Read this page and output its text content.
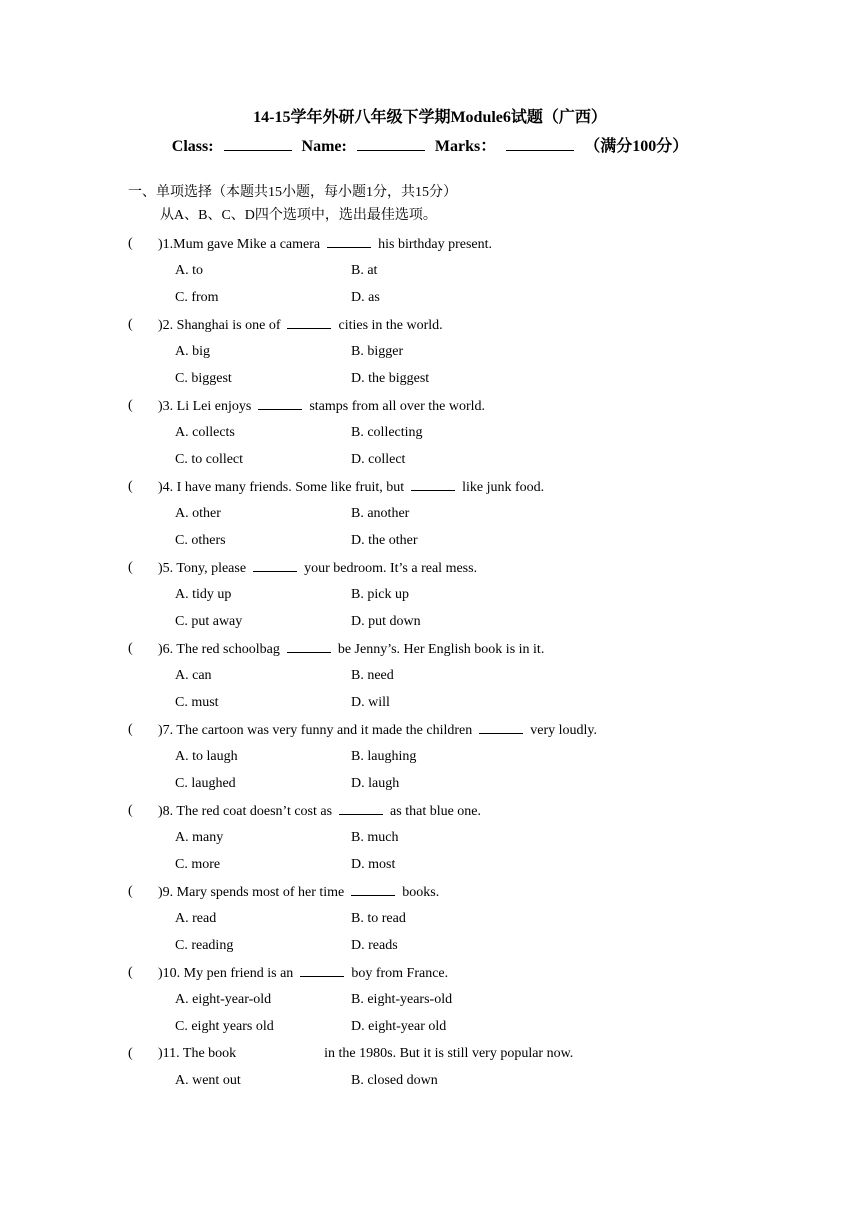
14-15学年外研八年级下学期Module6试题（广西）
Class:	Name:	Marks：	（满分100分）
一、单项选择（本题共15小题，每小题1分，共15分）
从A、B、C、D四个选项中，选出最佳选项。
( )1.Mum gave Mike a camera	his birthday present.
A. to	B. at
C. from	D. as
( )2. Shanghai is one of	cities in the world.
A. big	B. bigger
C. biggest	D. the biggest
( )3. Li Lei enjoys	stamps from all over the world.
A. collects	B. collecting
C. to collect	D. collect
( )4. I have many friends. Some like fruit, but	like junk food.
A. other	B. another
C. others	D. the other
( )5. Tony, please	your bedroom. It’s a real mess.
A. tidy up	B. pick up
C. put away	D. put down
( )6. The red schoolbag	be Jenny’s. Her English book is in it.
A. can	B. need
C. must	D. will
( )7. The cartoon was very funny and it made the children	very loudly.
A. to laugh	B. laughing
C. laughed	D. laugh
( )8. The red coat doesn’t cost as	as that blue one.
A. many	B. much
C. more	D. most
( )9. Mary spends most of her time	books.
A. read	B. to read
C. reading	D. reads
( )10. My pen friend is an	boy from France.
A. eight-year-old	B. eight-years-old
C. eight years old	D. eight-year old
( )11. The book	in the 1980s. But it is still very popular now.
A. went out	B. closed down
